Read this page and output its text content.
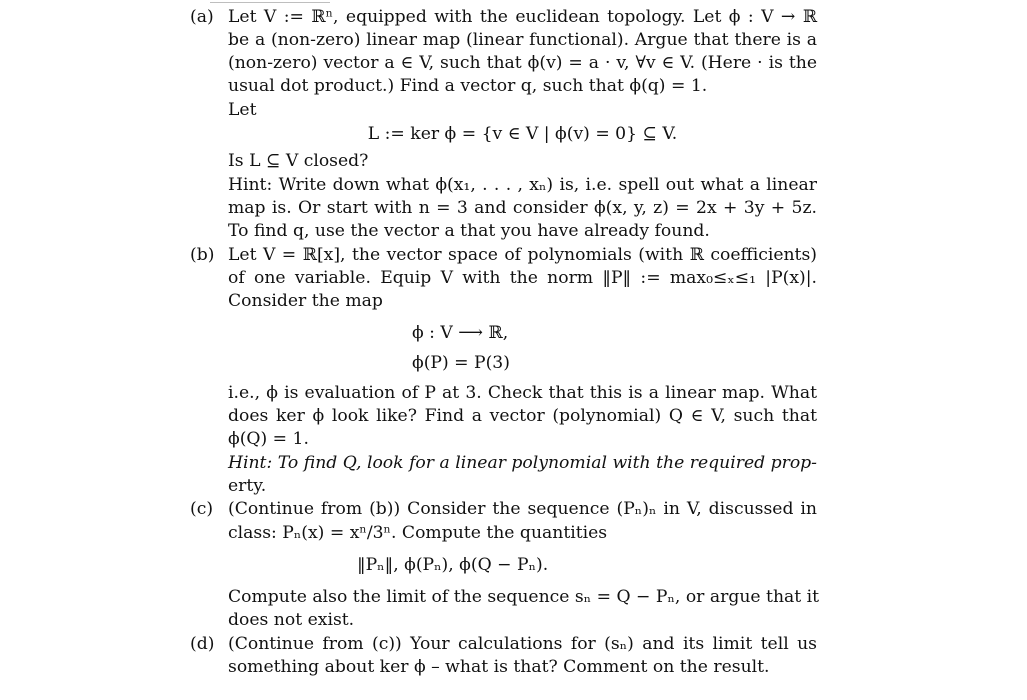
(a) Let V := ℝⁿ, equipped with the euclidean topology. Let ϕ : V → ℝ
be a (non-zero) linear map (linear functional). Argue that there is a
(non-zero) vector a ∈ V, such that ϕ(v) = a · v, ∀v ∈ V. (Here · is the
usual dot product.) Find a vector q, such that ϕ(q) = 1.
Let
L := ker ϕ = {v ∈ V | ϕ(v) = 0} ⊆ V.
Is L ⊆ V closed?
Hint: Write down what ϕ(x₁, . . . , xₙ) is, i.e. spell out what a linear
map is. Or start with n = 3 and consider ϕ(x, y, z) = 2x + 3y + 5z.
To find q, use the vector a that you have already found.
(b) Let V = ℝ[x], the vector space of polynomials (with ℝ coefficients)
of one variable. Equip V with the norm ‖P‖ := max₀≤ₓ≤₁ |P(x)|.
Consider the map
ϕ : V ⟶ ℝ,
ϕ(P) = P(3)
i.e., ϕ is evaluation of P at 3. Check that this is a linear map. What
does ker ϕ look like? Find a vector (polynomial) Q ∈ V, such that
ϕ(Q) = 1.
Hint: To find Q, look for a linear polynomial with the required prop-
erty.
(c) (Continue from (b)) Consider the sequence (Pₙ)ₙ in V, discussed in
class: Pₙ(x) = xⁿ/3ⁿ. Compute the quantities
‖Pₙ‖, ϕ(Pₙ), ϕ(Q − Pₙ).
Compute also the limit of the sequence sₙ = Q − Pₙ, or argue that it
does not exist.
(d) (Continue from (c)) Your calculations for (sₙ) and its limit tell us
something about ker ϕ – what is that? Comment on the result.
